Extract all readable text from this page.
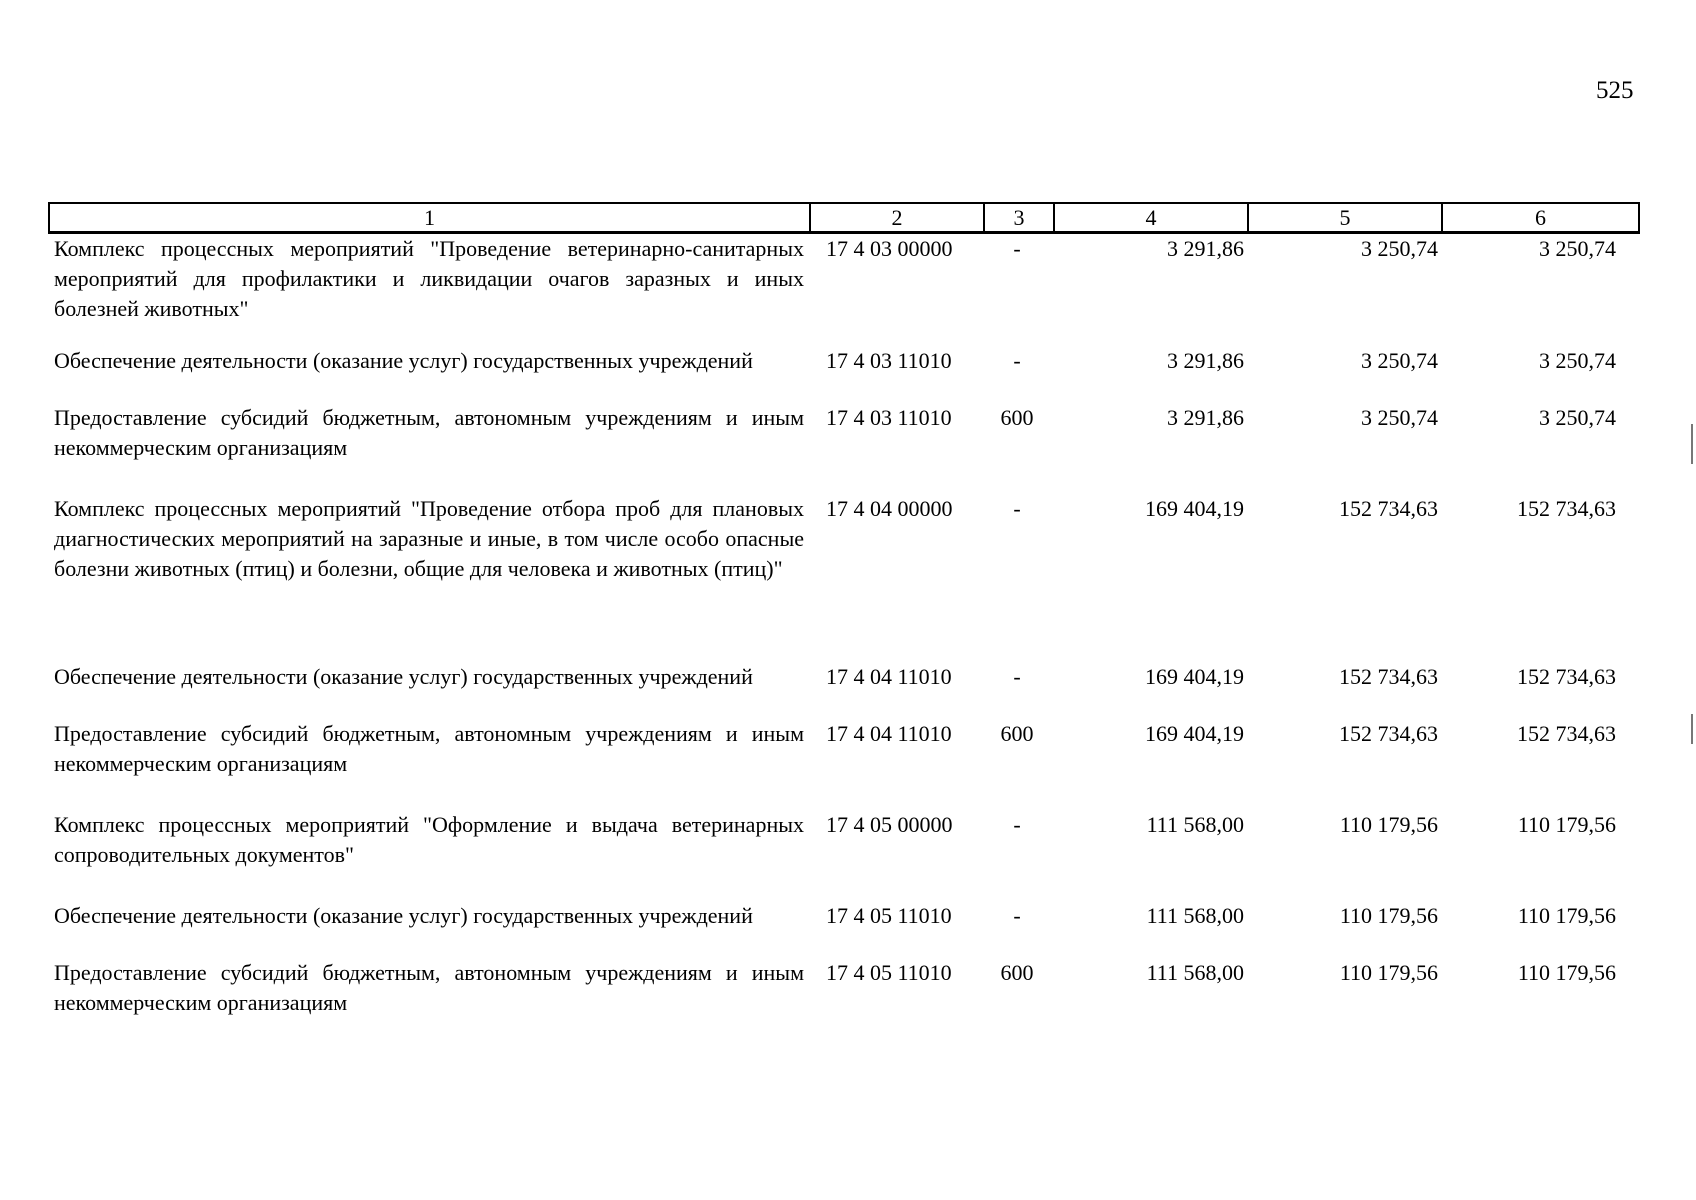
525
1	2	3	4	5	6
Комплекс процессных мероприятий "Проведение ветеринарно-санитарных мероприятий для профилактики и ликвидации очагов заразных и иных болезней животных"	17 4 03 00000	-	3 291,86	3 250,74	3 250,74
Обеспечение деятельности (оказание услуг) государственных учреждений	17 4 03 11010	-	3 291,86	3 250,74	3 250,74
Предоставление субсидий бюджетным, автономным учреждениям и иным некоммерческим организациям	17 4 03 11010	600	3 291,86	3 250,74	3 250,74
Комплекс процессных мероприятий "Проведение отбора проб для плановых диагностических мероприятий на заразные и иные, в том числе особо опасные болезни животных (птиц) и болезни, общие для человека и животных (птиц)"	17 4 04 00000	-	169 404,19	152 734,63	152 734,63
Обеспечение деятельности (оказание услуг) государственных учреждений	17 4 04 11010	-	169 404,19	152 734,63	152 734,63
Предоставление субсидий бюджетным, автономным учреждениям и иным некоммерческим организациям	17 4 04 11010	600	169 404,19	152 734,63	152 734,63
Комплекс процессных мероприятий "Оформление и выдача ветеринарных сопроводительных документов"	17 4 05 00000	-	111 568,00	110 179,56	110 179,56
Обеспечение деятельности (оказание услуг) государственных учреждений	17 4 05 11010	-	111 568,00	110 179,56	110 179,56
Предоставление субсидий бюджетным, автономным учреждениям и иным некоммерческим организациям	17 4 05 11010	600	111 568,00	110 179,56	110 179,56
